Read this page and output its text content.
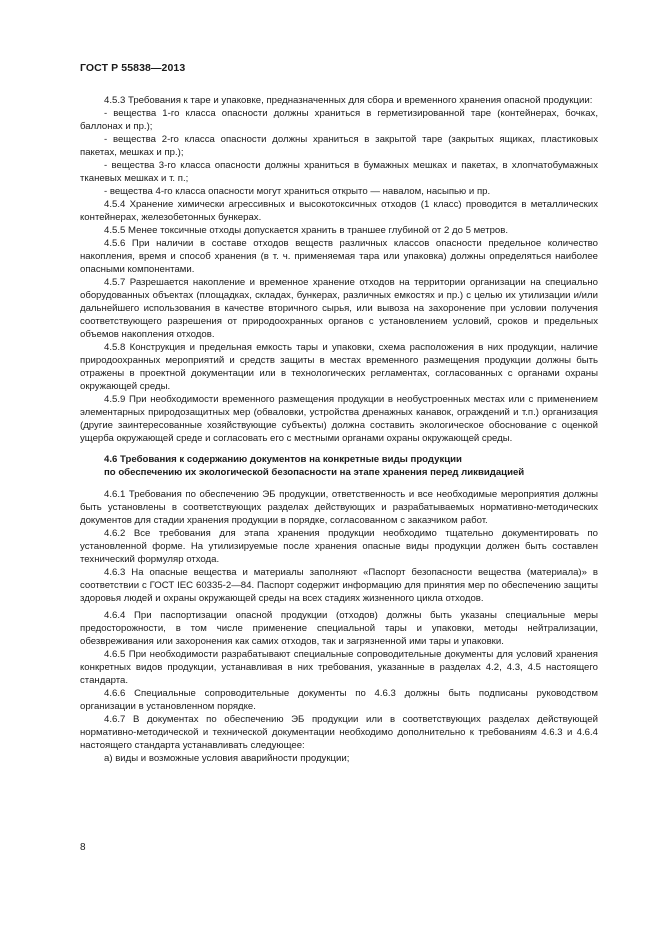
ГОСТ Р 55838—2013

4.5.3 Требования к таре и упаковке, предназначенных для сбора и временного хранения опасной продукции:

- вещества 1-го класса опасности должны храниться в герметизированной таре (контейнерах, бочках, баллонах и пр.);

- вещества 2-го класса опасности должны храниться в закрытой таре (закрытых ящиках, пластиковых пакетах, мешках и пр.);

- вещества 3-го класса опасности должны храниться в бумажных мешках и пакетах, в хлопчатобумажных тканевых мешках и т. п.;

- вещества 4-го класса опасности могут храниться открыто — навалом, насыпью и пр.

4.5.4 Хранение химически агрессивных и высокотоксичных отходов (1 класс) проводится в металлических контейнерах, железобетонных бункерах.

4.5.5 Менее токсичные отходы допускается хранить в траншее глубиной от 2 до 5 метров.

4.5.6 При наличии в составе отходов веществ различных классов опасности предельное количество накопления, время и способ хранения (в т. ч. применяемая тара или упаковка) должны определяться наиболее опасными компонентами.

4.5.7 Разрешается накопление и временное хранение отходов на территории организации на специально оборудованных объектах (площадках, складах, бункерах, различных емкостях и пр.) с целью их утилизации и/или дальнейшего использования в качестве вторичного сырья, или вывоза на захоронение при условии получения соответствующего разрешения от природоохранных органов с установлением условий, сроков и предельных объемов накопления отходов.

4.5.8 Конструкция и предельная емкость тары и упаковки, схема расположения в них продукции, наличие природоохранных мероприятий и средств защиты в местах временного размещения продукции должны быть отражены в проектной документации или в технологических регламентах, согласованных с органами охраны окружающей среды.

4.5.9 При необходимости временного размещения продукции в необустроенных местах или с применением элементарных природозащитных мер (обваловки, устройства дренажных канавок, ограждений и т.п.) организация (другие заинтересованные хозяйствующие субъекты) должна составить экологическое обоснование с оценкой ущерба окружающей среде и согласовать его с местными органами охраны окружающей среды.

4.6 Требования к содержанию документов на конкретные виды продукции
по обеспечению их экологической безопасности на этапе хранения перед ликвидацией

4.6.1 Требования по обеспечению ЭБ продукции, ответственность и все необходимые мероприятия должны быть установлены в соответствующих разделах действующих и разрабатываемых нормативно-методических документов для стадии хранения продукции в порядке, согласованном с заказчиком работ.

4.6.2 Все требования для этапа хранения продукции необходимо тщательно документировать по установленной форме. На утилизируемые после хранения опасные виды продукции должен быть составлен технический формуляр отхода.

4.6.3 На опасные вещества и материалы заполняют «Паспорт безопасности вещества (материала)» в соответствии с ГОСТ IEC 60335-2—84. Паспорт содержит информацию для принятия мер по обеспечению защиты здоровья людей и охраны окружающей среды на всех стадиях жизненного цикла отходов.

4.6.4 При паспортизации опасной продукции (отходов) должны быть указаны специальные меры предосторожности, в том числе применение специальной тары и упаковки, методы нейтрализации, обезвреживания или захоронения как самих отходов, так и загрязненной ими тары и упаковки.

4.6.5 При необходимости разрабатывают специальные сопроводительные документы для условий хранения конкретных видов продукции, устанавливая в них требования, указанные в разделах 4.2, 4.3, 4.5 настоящего стандарта.

4.6.6 Специальные сопроводительные документы по 4.6.3 должны быть подписаны руководством организации в установленном порядке.

4.6.7 В документах по обеспечению ЭБ продукции или в соответствующих разделах действующей нормативно-методической и технической документации необходимо дополнительно к требованиям 4.6.3 и 4.6.4 настоящего стандарта устанавливать следующее:

а) виды и возможные условия аварийности продукции;

8
